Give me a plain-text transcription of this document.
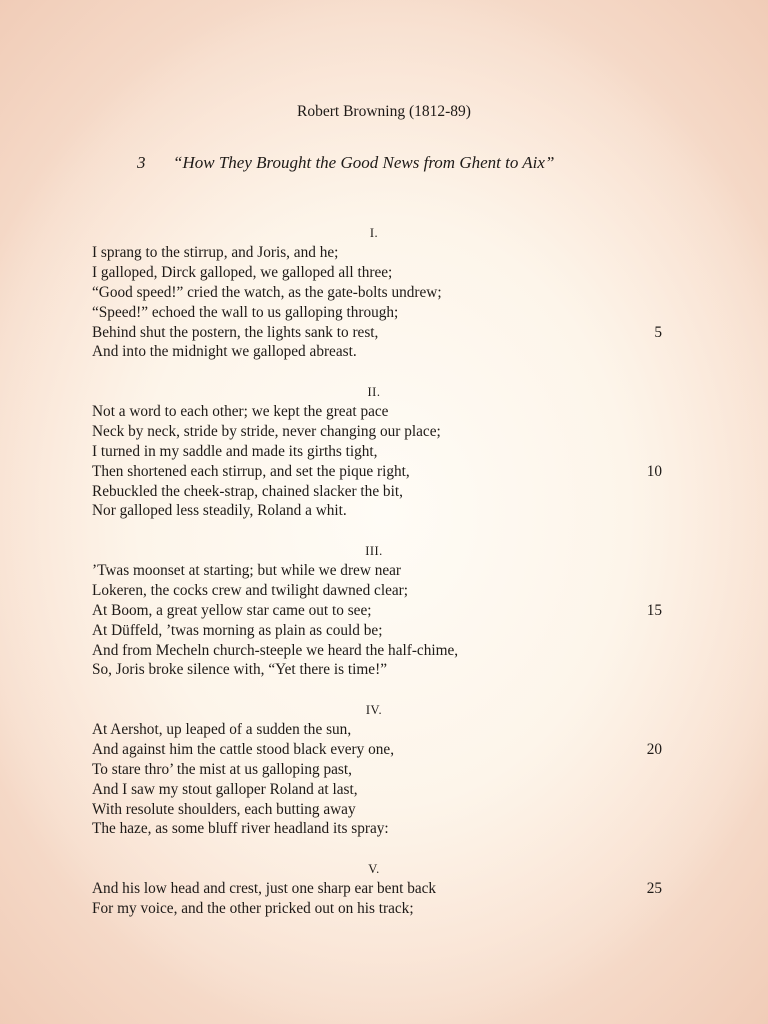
Robert Browning (1812-89)
3 “How They Brought the Good News from Ghent to Aix”
I.
I sprang to the stirrup, and Joris, and he;
I galloped, Dirck galloped, we galloped all three;
“Good speed!” cried the watch, as the gate-bolts undrew;
“Speed!” echoed the wall to us galloping through;
Behind shut the postern, the lights sank to rest,	5
And into the midnight we galloped abreast.
II.
Not a word to each other; we kept the great pace
Neck by neck, stride by stride, never changing our place;
I turned in my saddle and made its girths tight,
Then shortened each stirrup, and set the pique right,	10
Rebuckled the cheek-strap, chained slacker the bit,
Nor galloped less steadily, Roland a whit.
III.
’Twas moonset at starting; but while we drew near
Lokeren, the cocks crew and twilight dawned clear;
At Boom, a great yellow star came out to see;	15
At Düffeld, ’twas morning as plain as could be;
And from Mecheln church-steeple we heard the half-chime,
So, Joris broke silence with, “Yet there is time!”
IV.
At Aershot, up leaped of a sudden the sun,
And against him the cattle stood black every one,	20
To stare thro’ the mist at us galloping past,
And I saw my stout galloper Roland at last,
With resolute shoulders, each butting away
The haze, as some bluff river headland its spray:
V.
And his low head and crest, just one sharp ear bent back	25
For my voice, and the other pricked out on his track;
